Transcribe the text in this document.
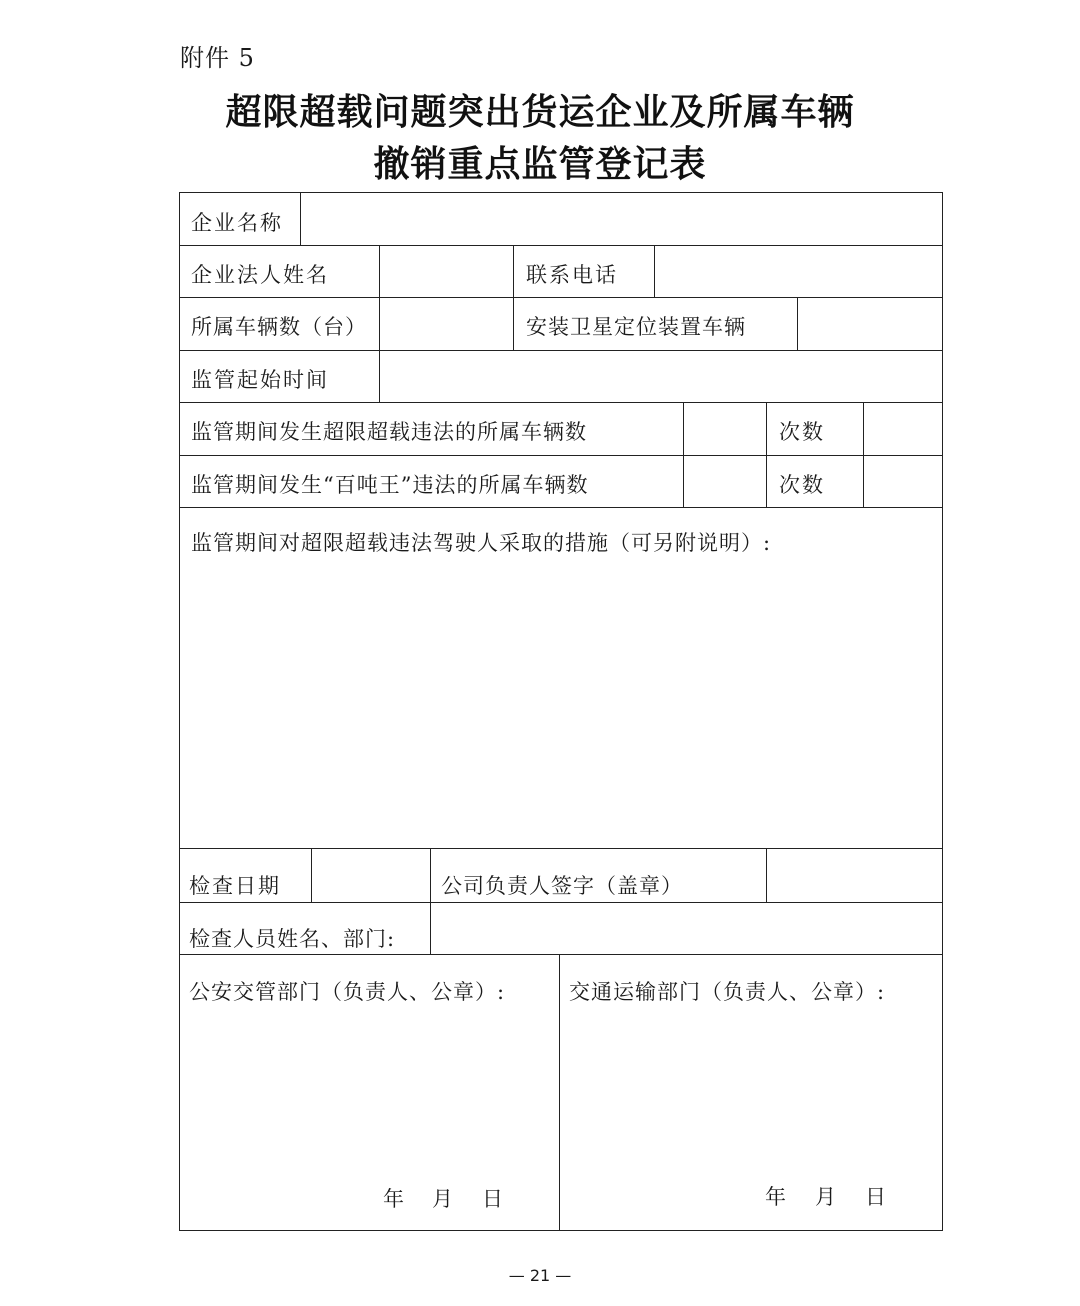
附件 5
超限超载问题突出货运企业及所属车辆
撤销重点监管登记表
企业名称
企业法人姓名	联系电话
所属车辆数（台）	安装卫星定位装置车辆
监管起始时间
监管期间发生超限超载违法的所属车辆数	次数
监管期间发生“百吨王”违法的所属车辆数	次数
监管期间对超限超载违法驾驶人采取的措施（可另附说明）:
检查日期	公司负责人签字（盖章）
检查人员姓名、部门:
公安交管部门（负责人、公章）:	交通运输部门（负责人、公章）:
年 月 日	年 月 日
— 21 —
